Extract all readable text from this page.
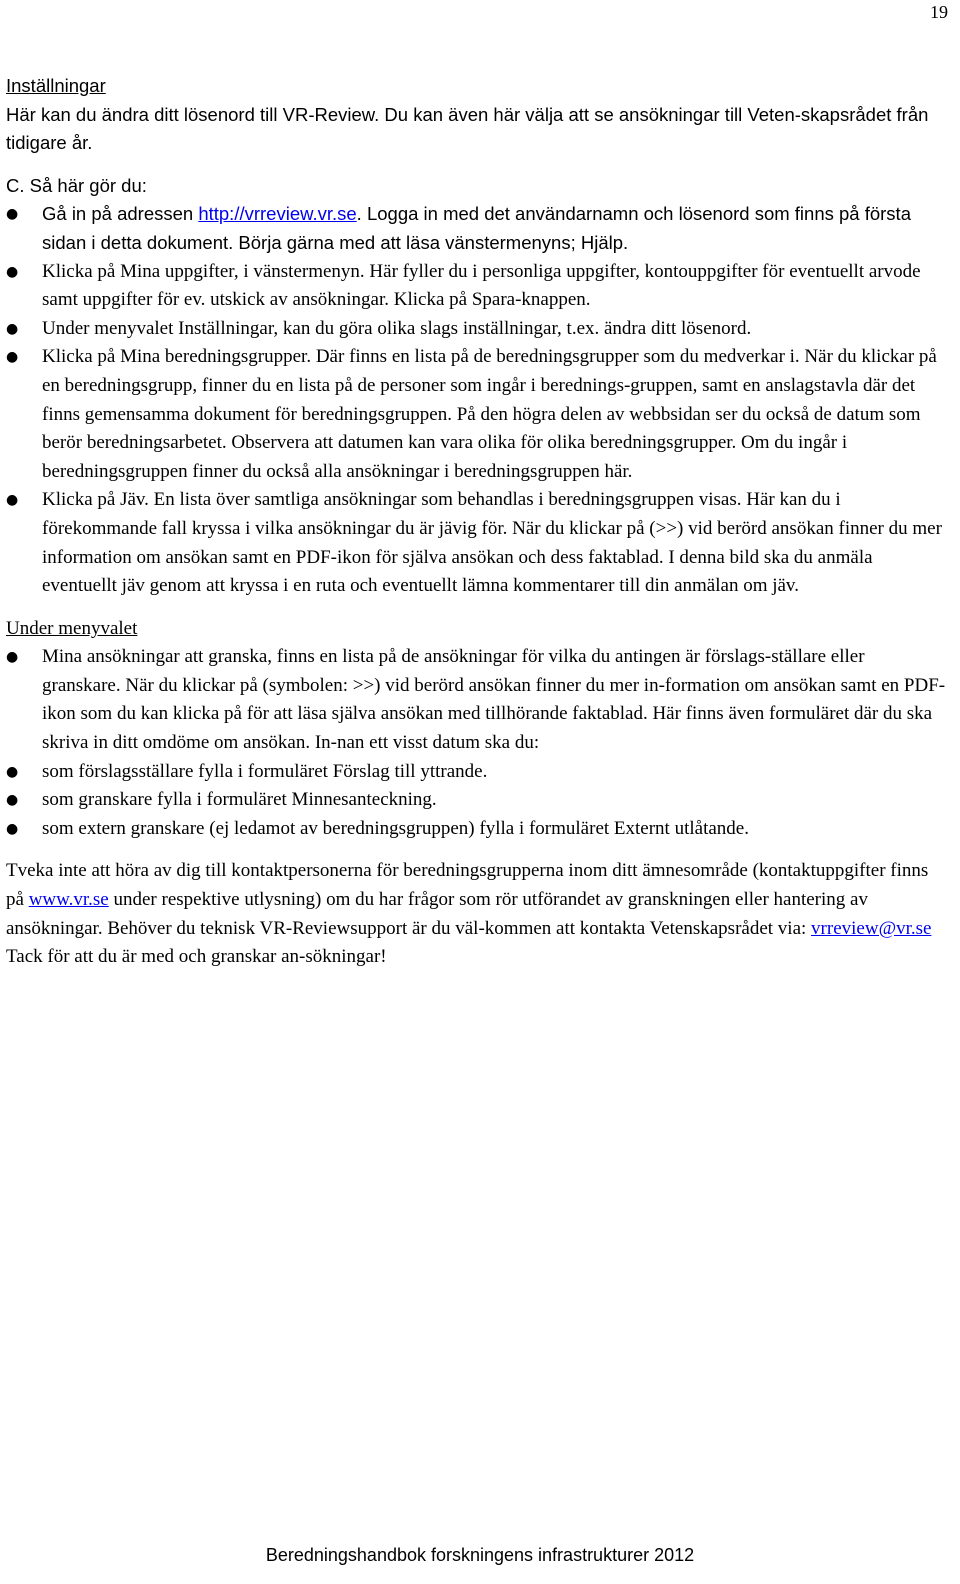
19

Inställningar

Här kan du ändra ditt lösenord till VR-Review. Du kan även här välja att se ansökningar till Veten-skapsrådet från tidigare år.

C. Så här gör du:

● Gå in på adressen http://vrreview.vr.se. Logga in med det användarnamn och lösenord som finns på första sidan i detta dokument. Börja gärna med att läsa vänstermenyns; Hjälp.
● Klicka på Mina uppgifter, i vänstermenyn. Här fyller du i personliga uppgifter, kontouppgifter för eventuellt arvode samt uppgifter för ev. utskick av ansökningar. Klicka på Spara-knappen.
● Under menyvalet Inställningar, kan du göra olika slags inställningar, t.ex. ändra ditt lösenord.
● Klicka på Mina beredningsgrupper. Där finns en lista på de beredningsgrupper som du medverkar i. När du klickar på en beredningsgrupp, finner du en lista på de personer som ingår i berednings-gruppen, samt en anslagstavla där det finns gemensamma dokument för beredningsgruppen. På den högra delen av webbsidan ser du också de datum som berör beredningsarbetet. Observera att datumen kan vara olika för olika beredningsgrupper. Om du ingår i beredningsgruppen finner du också alla ansökningar i beredningsgruppen här.
● Klicka på Jäv. En lista över samtliga ansökningar som behandlas i beredningsgruppen visas. Här kan du i förekommande fall kryssa i vilka ansökningar du är jävig för. När du klickar på (>>) vid berörd ansökan finner du mer information om ansökan samt en PDF-ikon för själva ansökan och dess faktablad. I denna bild ska du anmäla eventuellt jäv genom att kryssa i en ruta och eventuellt lämna kommentarer till din anmälan om jäv.

Under menyvalet

● Mina ansökningar att granska, finns en lista på de ansökningar för vilka du antingen är förslags-ställare eller granskare. När du klickar på (symbolen: >>) vid berörd ansökan finner du mer in-formation om ansökan samt en PDF-ikon som du kan klicka på för att läsa själva ansökan med tillhörande faktablad. Här finns även formuläret där du ska skriva in ditt omdöme om ansökan. In-nan ett visst datum ska du:
● som förslagsställare fylla i formuläret Förslag till yttrande.
● som granskare fylla i formuläret Minnesanteckning.
● som extern granskare (ej ledamot av beredningsgruppen) fylla i formuläret Externt utlåtande.

Tveka inte att höra av dig till kontaktpersonerna för beredningsgrupperna inom ditt ämnesområde (kontaktuppgifter finns på www.vr.se under respektive utlysning) om du har frågor som rör utförandet av granskningen eller hantering av ansökningar. Behöver du teknisk VR-Reviewsupport är du väl-kommen att kontakta Vetenskapsrådet via: vrreview@vr.se Tack för att du är med och granskar an-sökningar!

Beredningshandbok forskningens infrastrukturer 2012
